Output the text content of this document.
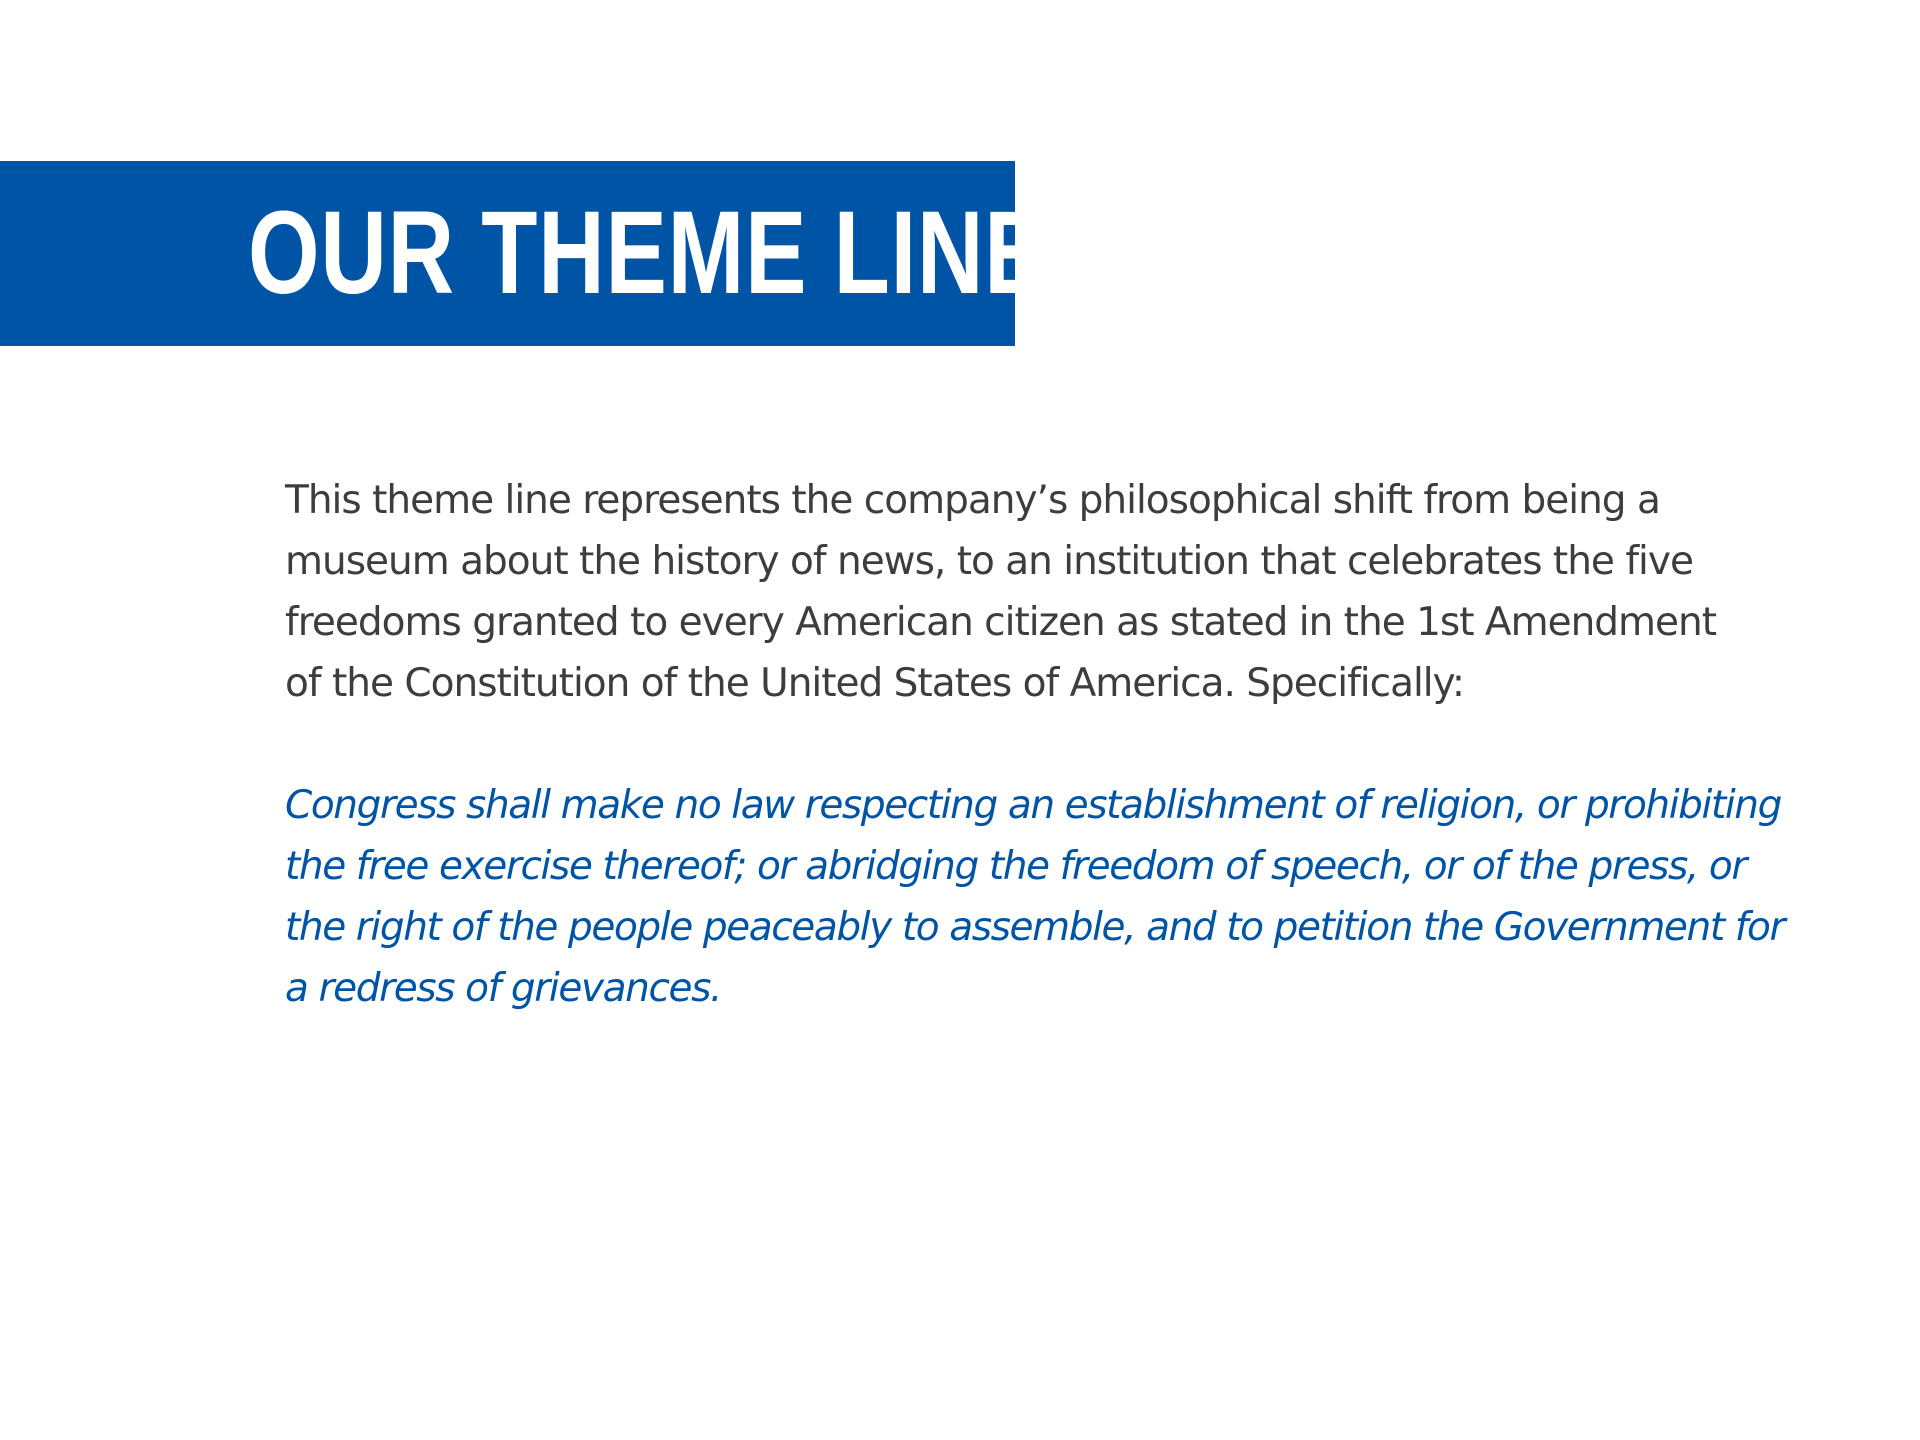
OUR THEME LINE

This theme line represents the company’s philosophical shift from being a
museum about the history of news, to an institution that celebrates the five
freedoms granted to every American citizen as stated in the 1st Amendment
of the Constitution of the United States of America. Specifically:

Congress shall make no law respecting an establishment of religion, or prohibiting
the free exercise thereof; or abridging the freedom of speech, or of the press, or
the right of the people peaceably to assemble, and to petition the Government for
a redress of grievances.
